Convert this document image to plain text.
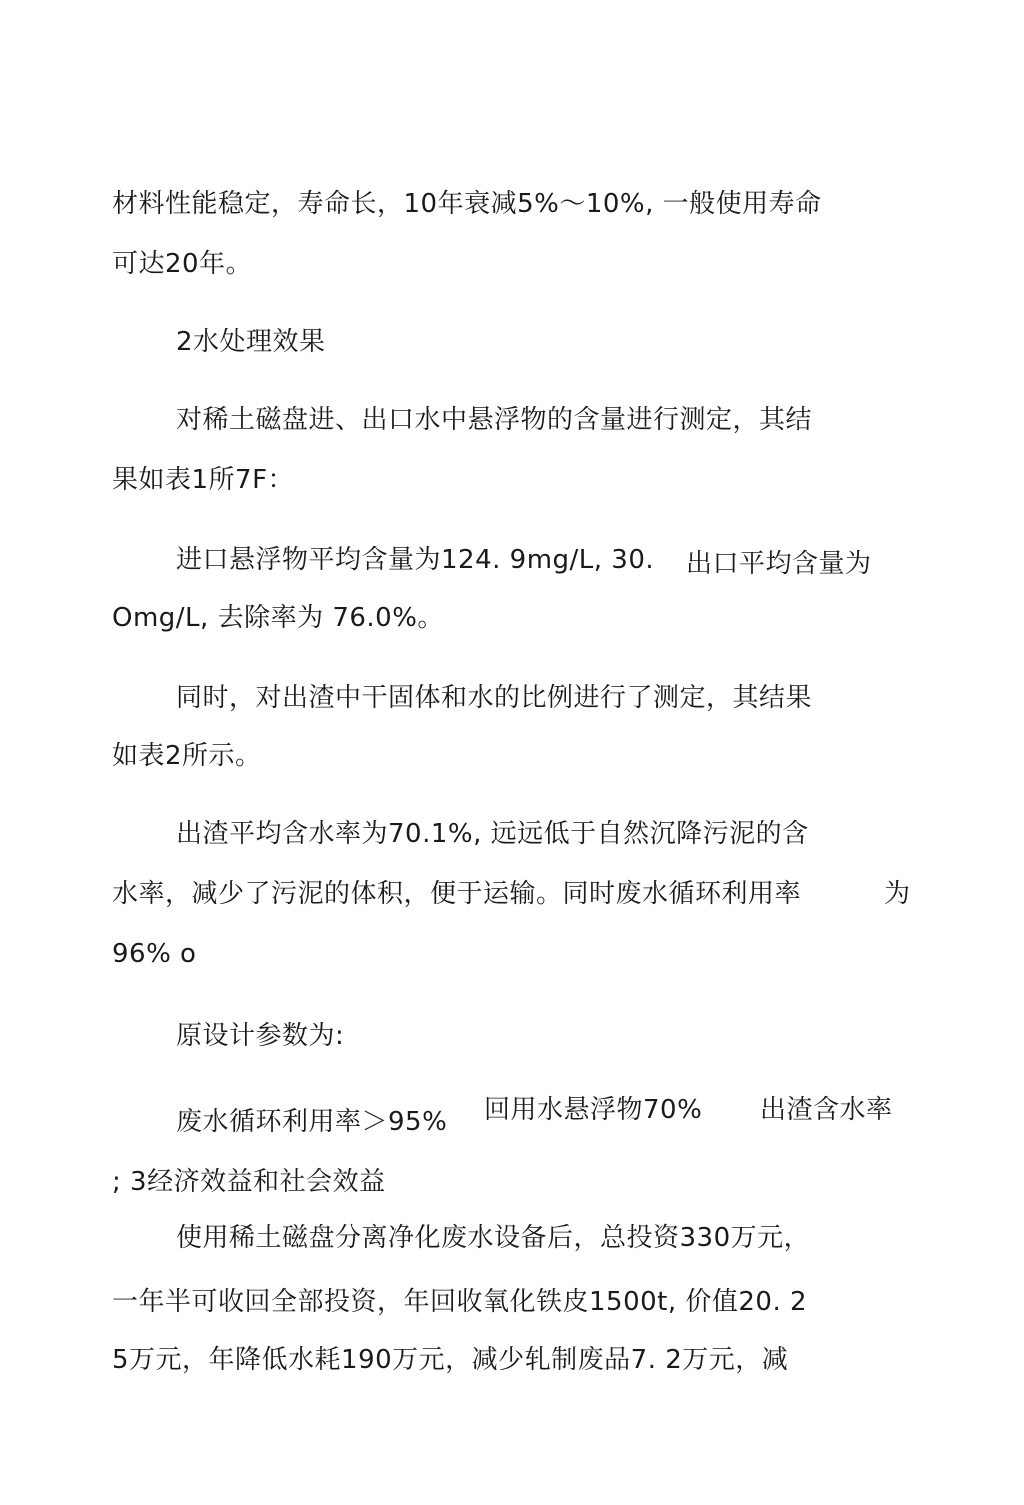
材料性能稳定，寿命长，10年衰减5%～10%, 一般使用寿命
可达20年。
2水处理效果
对稀土磁盘进、出口水中悬浮物的含量进行测定，其结
果如表1所7F：
进口悬浮物平均含量为124. 9mg/L, 30. 出口平均含量为
Omg/L, 去除率为 76.0%。
同时，对出渣中干固体和水的比例进行了测定，其结果
如表2所示。
出渣平均含水率为70.1%, 远远低于自然沉降污泥的含
水率，减少了污泥的体积，便于运输。同时废水循环利用率	为
96% o
原设计参数为:
废水循环利用率＞95% 回用水悬浮物70% 出渣含水率
; 3经济效益和社会效益
使用稀土磁盘分离净化废水设备后，总投资330万元，
一年半可收回全部投资，年回收氧化铁皮1500t, 价值20. 2
5万元，年降低水耗190万元，减少轧制废品7. 2万元，减
